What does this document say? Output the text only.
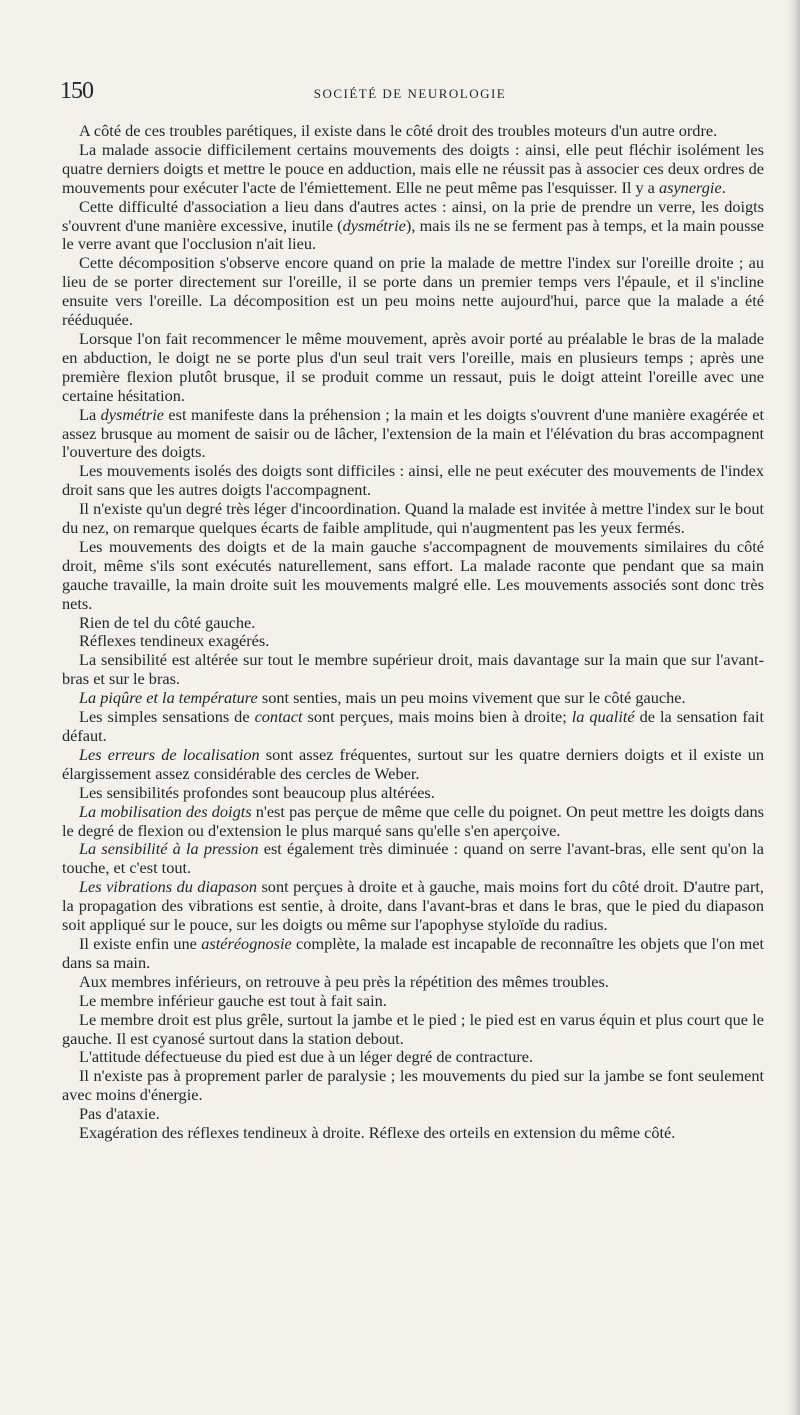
150	SOCIÉTÉ DE NEUROLOGIE

A côté de ces troubles parétiques, il existe dans le côté droit des troubles moteurs d'un autre ordre.

La malade associe difficilement certains mouvements des doigts : ainsi, elle peut fléchir isolément les quatre derniers doigts et mettre le pouce en adduction, mais elle ne réussit pas à associer ces deux ordres de mouvements pour exécuter l'acte de l'émiettement. Elle ne peut même pas l'esquisser. Il y a asynergie.

Cette difficulté d'association a lieu dans d'autres actes : ainsi, on la prie de prendre un verre, les doigts s'ouvrent d'une manière excessive, inutile (dysmétrie), mais ils ne se ferment pas à temps, et la main pousse le verre avant que l'occlusion n'ait lieu.

Cette décomposition s'observe encore quand on prie la malade de mettre l'index sur l'oreille droite ; au lieu de se porter directement sur l'oreille, il se porte dans un premier temps vers l'épaule, et il s'incline ensuite vers l'oreille. La décomposition est un peu moins nette aujourd'hui, parce que la malade a été rééduquée.

Lorsque l'on fait recommencer le même mouvement, après avoir porté au préalable le bras de la malade en abduction, le doigt ne se porte plus d'un seul trait vers l'oreille, mais en plusieurs temps ; après une première flexion plutôt brusque, il se produit comme un ressaut, puis le doigt atteint l'oreille avec une certaine hésitation.

La dysmétrie est manifeste dans la préhension ; la main et les doigts s'ouvrent d'une manière exagérée et assez brusque au moment de saisir ou de lâcher, l'extension de la main et l'élévation du bras accompagnent l'ouverture des doigts.

Les mouvements isolés des doigts sont difficiles : ainsi, elle ne peut exécuter des mouvements de l'index droit sans que les autres doigts l'accompagnent.

Il n'existe qu'un degré très léger d'incoordination. Quand la malade est invitée à mettre l'index sur le bout du nez, on remarque quelques écarts de faible amplitude, qui n'augmentent pas les yeux fermés.

Les mouvements des doigts et de la main gauche s'accompagnent de mouvements similaires du côté droit, même s'ils sont exécutés naturellement, sans effort. La malade raconte que pendant que sa main gauche travaille, la main droite suit les mouvements malgré elle. Les mouvements associés sont donc très nets.

Rien de tel du côté gauche.

Réflexes tendineux exagérés.

La sensibilité est altérée sur tout le membre supérieur droit, mais davantage sur la main que sur l'avant-bras et sur le bras.

La piqûre et la température sont senties, mais un peu moins vivement que sur le côté gauche.

Les simples sensations de contact sont perçues, mais moins bien à droite; la qualité de la sensation fait défaut.

Les erreurs de localisation sont assez fréquentes, surtout sur les quatre derniers doigts et il existe un élargissement assez considérable des cercles de Weber.

Les sensibilités profondes sont beaucoup plus altérées.

La mobilisation des doigts n'est pas perçue de même que celle du poignet. On peut mettre les doigts dans le degré de flexion ou d'extension le plus marqué sans qu'elle s'en aperçoive.

La sensibilité à la pression est également très diminuée : quand on serre l'avant-bras, elle sent qu'on la touche, et c'est tout.

Les vibrations du diapason sont perçues à droite et à gauche, mais moins fort du côté droit. D'autre part, la propagation des vibrations est sentie, à droite, dans l'avant-bras et dans le bras, que le pied du diapason soit appliqué sur le pouce, sur les doigts ou même sur l'apophyse styloïde du radius.

Il existe enfin une astéréognosie complète, la malade est incapable de reconnaître les objets que l'on met dans sa main.

Aux membres inférieurs, on retrouve à peu près la répétition des mêmes troubles.

Le membre inférieur gauche est tout à fait sain.

Le membre droit est plus grêle, surtout la jambe et le pied ; le pied est en varus équin et plus court que le gauche. Il est cyanosé surtout dans la station debout.

L'attitude défectueuse du pied est due à un léger degré de contracture.

Il n'existe pas à proprement parler de paralysie ; les mouvements du pied sur la jambe se font seulement avec moins d'énergie.

Pas d'ataxie.

Exagération des réflexes tendineux à droite. Réflexe des orteils en extension du même côté.
